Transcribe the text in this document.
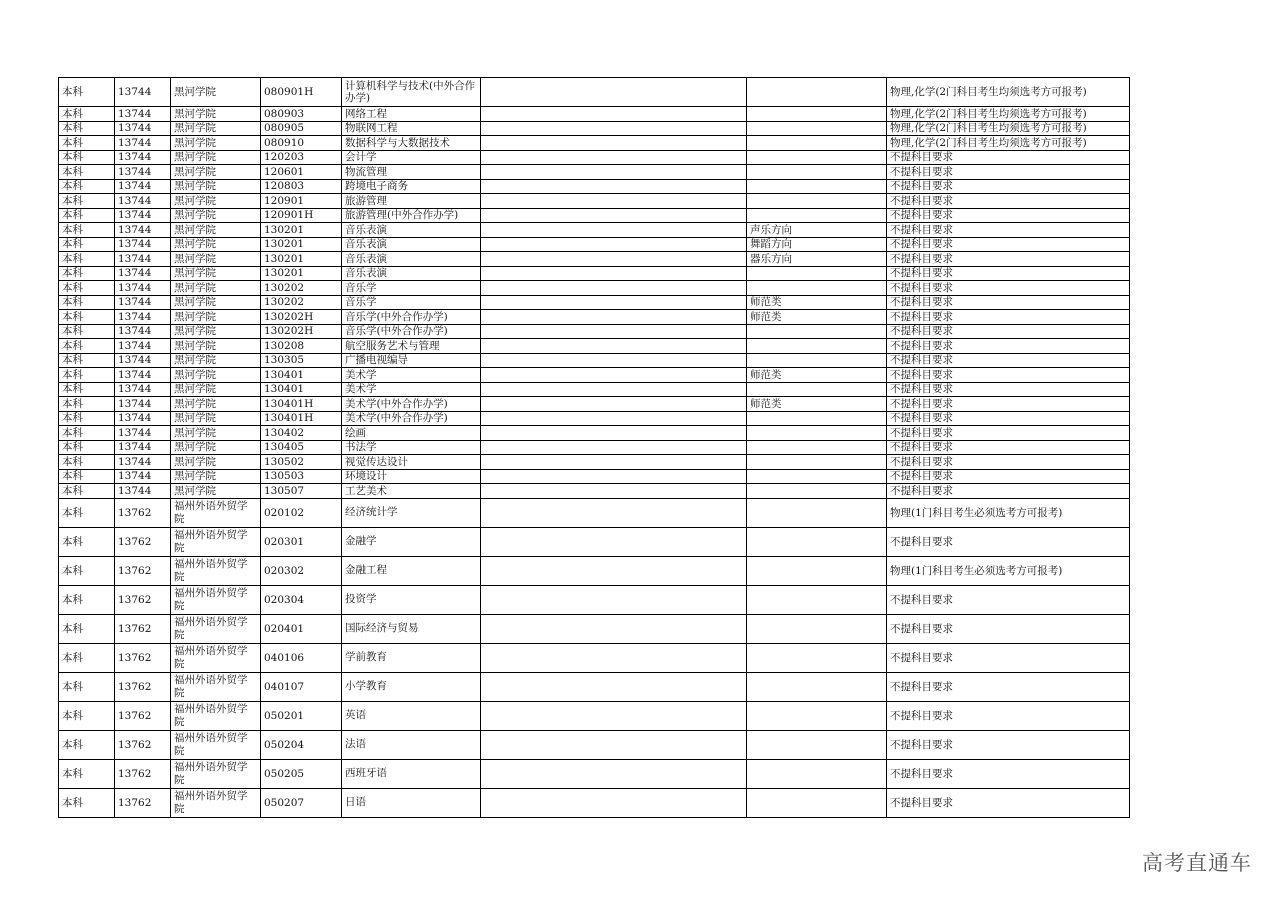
本科	13744	黑河学院	080901H	计算机科学与技术(中外合作办学)			物理,化学(2门科目考生均须选考方可报考)
本科	13744	黑河学院	080903	网络工程			物理,化学(2门科目考生均须选考方可报考)
本科	13744	黑河学院	080905	物联网工程			物理,化学(2门科目考生均须选考方可报考)
本科	13744	黑河学院	080910	数据科学与大数据技术			物理,化学(2门科目考生均须选考方可报考)
本科	13744	黑河学院	120203	会计学			不提科目要求
本科	13744	黑河学院	120601	物流管理			不提科目要求
本科	13744	黑河学院	120803	跨境电子商务			不提科目要求
本科	13744	黑河学院	120901	旅游管理			不提科目要求
本科	13744	黑河学院	120901H	旅游管理(中外合作办学)			不提科目要求
本科	13744	黑河学院	130201	音乐表演		声乐方向	不提科目要求
本科	13744	黑河学院	130201	音乐表演		舞蹈方向	不提科目要求
本科	13744	黑河学院	130201	音乐表演		器乐方向	不提科目要求
本科	13744	黑河学院	130201	音乐表演			不提科目要求
本科	13744	黑河学院	130202	音乐学			不提科目要求
本科	13744	黑河学院	130202	音乐学		师范类	不提科目要求
本科	13744	黑河学院	130202H	音乐学(中外合作办学)		师范类	不提科目要求
本科	13744	黑河学院	130202H	音乐学(中外合作办学)			不提科目要求
本科	13744	黑河学院	130208	航空服务艺术与管理			不提科目要求
本科	13744	黑河学院	130305	广播电视编导			不提科目要求
本科	13744	黑河学院	130401	美术学		师范类	不提科目要求
本科	13744	黑河学院	130401	美术学			不提科目要求
本科	13744	黑河学院	130401H	美术学(中外合作办学)		师范类	不提科目要求
本科	13744	黑河学院	130401H	美术学(中外合作办学)			不提科目要求
本科	13744	黑河学院	130402	绘画			不提科目要求
本科	13744	黑河学院	130405	书法学			不提科目要求
本科	13744	黑河学院	130502	视觉传达设计			不提科目要求
本科	13744	黑河学院	130503	环境设计			不提科目要求
本科	13744	黑河学院	130507	工艺美术			不提科目要求
本科	13762	福州外语外贸学院	020102	经济统计学			物理(1门科目考生必须选考方可报考)
本科	13762	福州外语外贸学院	020301	金融学			不提科目要求
本科	13762	福州外语外贸学院	020302	金融工程			物理(1门科目考生必须选考方可报考)
本科	13762	福州外语外贸学院	020304	投资学			不提科目要求
本科	13762	福州外语外贸学院	020401	国际经济与贸易			不提科目要求
本科	13762	福州外语外贸学院	040106	学前教育			不提科目要求
本科	13762	福州外语外贸学院	040107	小学教育			不提科目要求
本科	13762	福州外语外贸学院	050201	英语			不提科目要求
本科	13762	福州外语外贸学院	050204	法语			不提科目要求
本科	13762	福州外语外贸学院	050205	西班牙语			不提科目要求
本科	13762	福州外语外贸学院	050207	日语			不提科目要求
高考直通车
